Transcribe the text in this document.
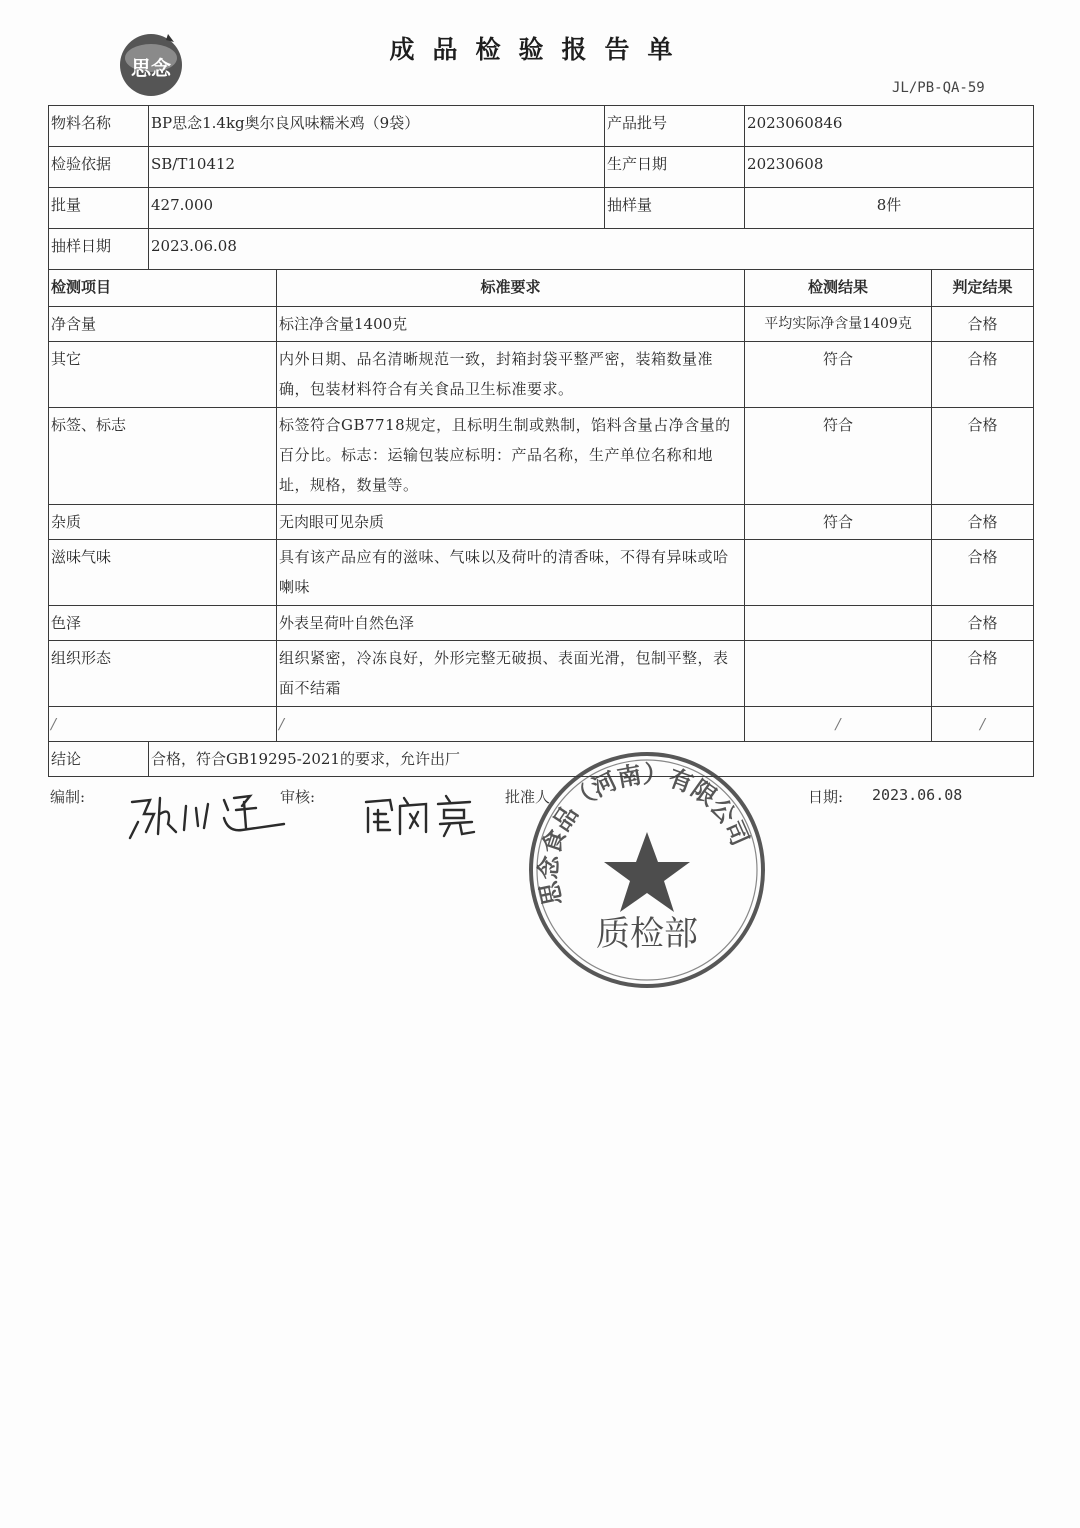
思念
成品检验报告单
JL/PB-QA-59
物料名称	BP思念1.4kg奥尔良风味糯米鸡（9袋）		产品批号	2023060846	
检验依据	SB/T10412		生产日期	20230608	
批量	427.000		抽样量	8件	
抽样日期	2023.06.08				
检测项目		标准要求		检测结果	判定结果
净含量		标注净含量1400克		平均实际净含量1409克	合格
其它		内外日期、品名清晰规范一致，封箱封袋平整严密，装箱数量准确，包装材料符合有关食品卫生标准要求。		符合	合格
标签、标志		标签符合GB7718规定，且标明生制或熟制，馅料含量占净含量的百分比。标志：运输包装应标明：产品名称，生产单位名称和地址，规格，数量等。		符合	合格
杂质		无肉眼可见杂质		符合	合格
滋味气味		具有该产品应有的滋味、气味以及荷叶的清香味，不得有异味或哈喇味			合格
色泽		外表呈荷叶自然色泽			合格
组织形态		组织紧密，冷冻良好，外形完整无破损、表面光滑，包制平整，表面不结霜			合格
/		/		/	/
结论	合格，符合GB19295-2021的要求，允许出厂				
编制:	审核:	批准人	日期: 2023.06.08
思念食品（河南）有限公司
质检部
